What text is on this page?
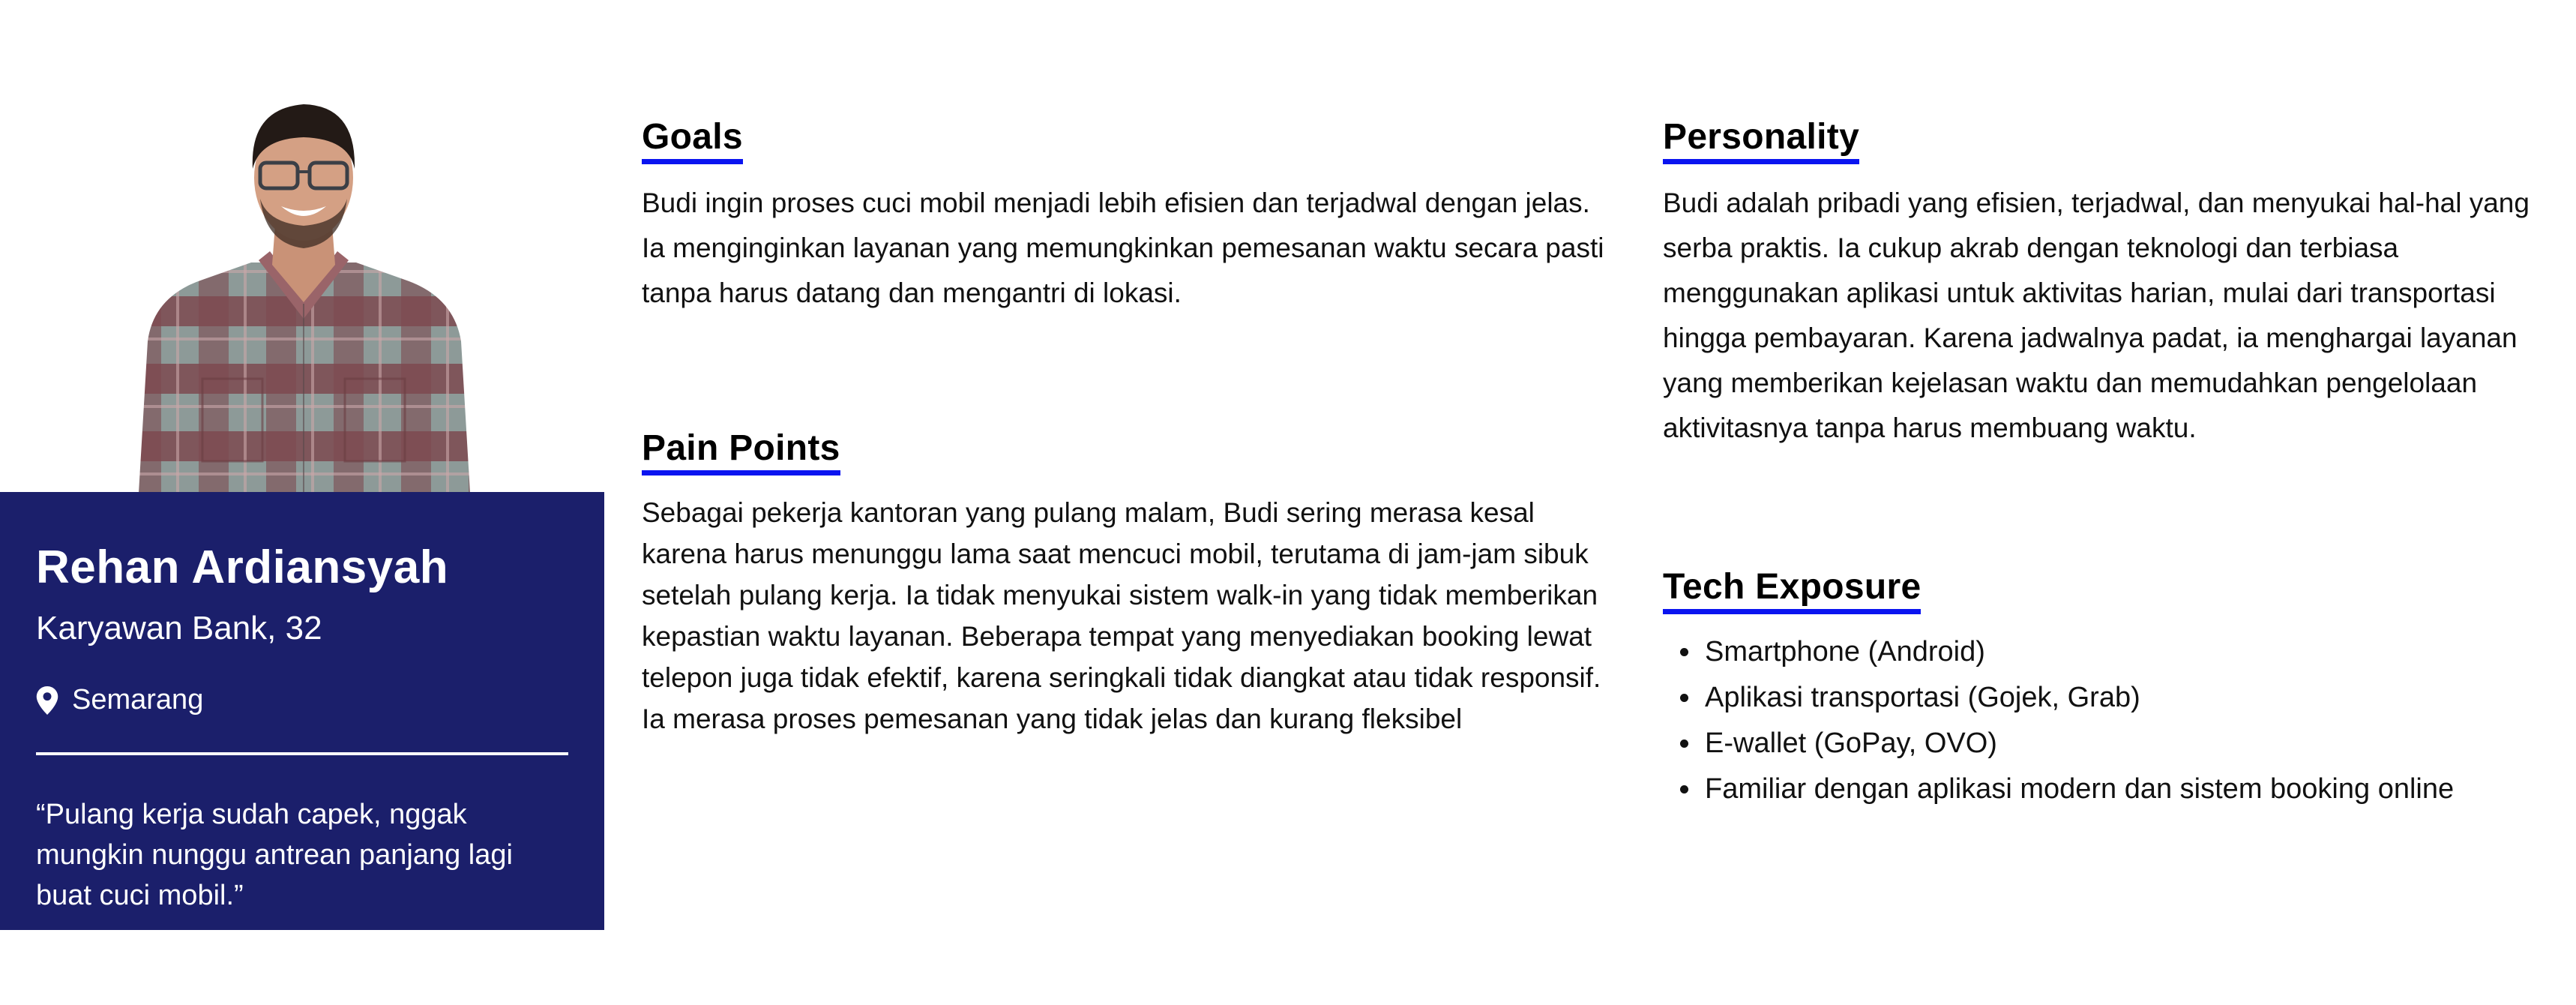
Rehan Ardiansyah
Karyawan Bank, 32
Semarang
“Pulang kerja sudah capek, nggak mungkin nunggu antrean panjang lagi buat cuci mobil.”
Goals

Budi ingin proses cuci mobil menjadi lebih efisien dan terjadwal dengan jelas. Ia menginginkan layanan yang memungkinkan pemesanan waktu secara pasti tanpa harus datang dan mengantri di lokasi.

Pain Points

Sebagai pekerja kantoran yang pulang malam, Budi sering merasa kesal karena harus menunggu lama saat mencuci mobil, terutama di jam-jam sibuk setelah pulang kerja. Ia tidak menyukai sistem walk-in yang tidak memberikan kepastian waktu layanan. Beberapa tempat yang menyediakan booking lewat telepon juga tidak efektif, karena seringkali tidak diangkat atau tidak responsif. Ia merasa proses pemesanan yang tidak jelas dan kurang fleksibel

Personality

Budi adalah pribadi yang efisien, terjadwal, dan menyukai hal-hal yang serba praktis. Ia cukup akrab dengan teknologi dan terbiasa menggunakan aplikasi untuk aktivitas harian, mulai dari transportasi hingga pembayaran. Karena jadwalnya padat, ia menghargai layanan yang memberikan kejelasan waktu dan memudahkan pengelolaan aktivitasnya tanpa harus membuang waktu.

Tech Exposure
• Smartphone (Android)
• Aplikasi transportasi (Gojek, Grab)
• E-wallet (GoPay, OVO)
• Familiar dengan aplikasi modern dan sistem booking online
